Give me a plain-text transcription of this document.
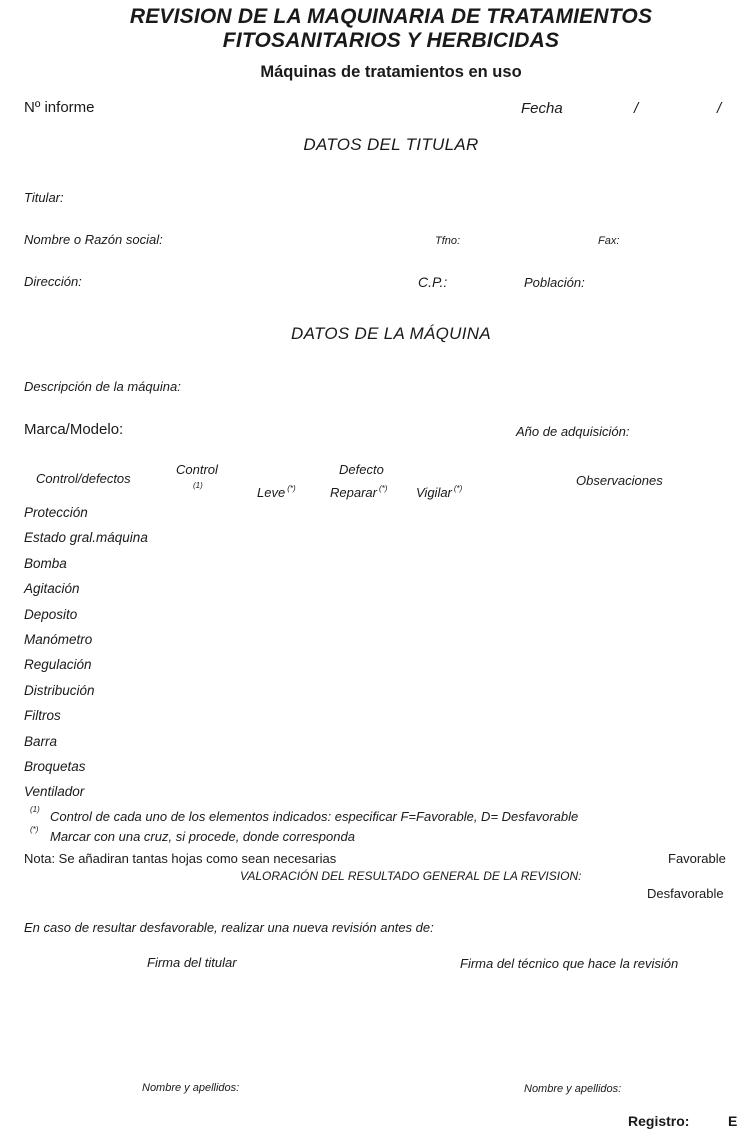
REVISION DE LA MAQUINARIA DE TRATAMIENTOS
FITOSANITARIOS Y HERBICIDAS
Máquinas de tratamientos en uso
Nº informe	Fecha	/	/
DATOS DEL TITULAR
Titular:
Nombre o Razón social:	Tfno:	Fax:
Dirección:	C.P.:	Población:
DATOS DE LA MÁQUINA
Descripción de la máquina:
Marca/Modelo:	Año de adquisición:
Control/defectos
Control
(1)
Defecto
Leve (*)	Reparar (*) Vigilar (*)
Observaciones
Protección
Estado gral.máquina
Bomba
Agitación
Deposito
Manómetro
Regulación
Distribución
Filtros
Barra
Broquetas
Ventilador
(1) Control de cada uno de los elementos indicados: especificar F=Favorable, D= Desfavorable
(*) Marcar con una cruz, si procede, donde corresponda
Nota: Se añadiran tantas hojas como sean necesarias	Favorable
VALORACIÓN DEL RESULTADO GENERAL DE LA REVISION:
Desfavorable
En caso de resultar desfavorable, realizar una nueva revisión antes de:
Firma del titular	Firma del técnico que hace la revisión
Nombre y apellidos:	Nombre y apellidos:
Registro:	E
